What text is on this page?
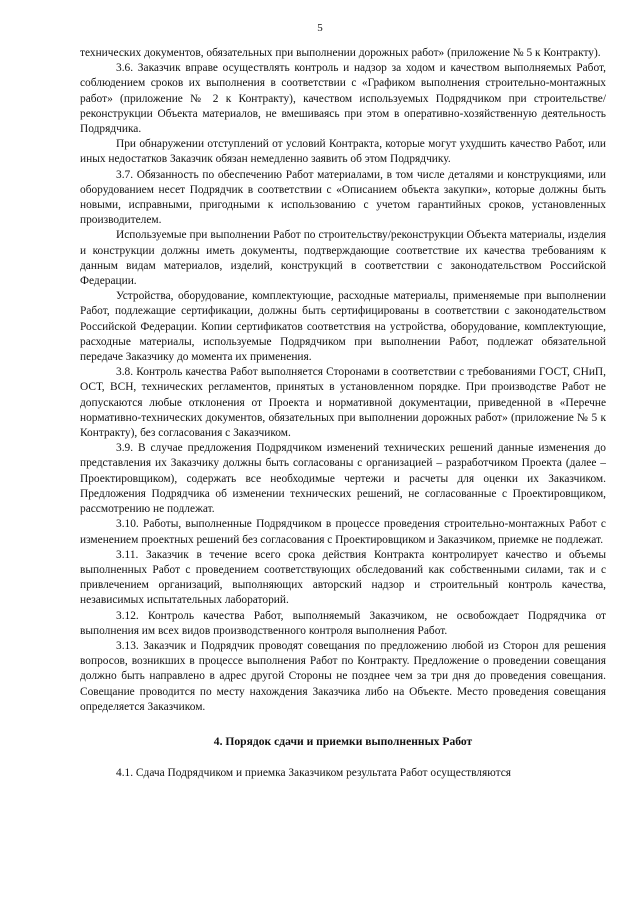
5

технических документов, обязательных при выполнении дорожных работ» (приложение № 5 к Контракту).

3.6. Заказчик вправе осуществлять контроль и надзор за ходом и качеством выполняемых Работ, соблюдением сроков их выполнения в соответствии с «Графиком выполнения строительно-монтажных работ» (приложение № 2 к Контракту), качеством используемых Подрядчиком при строительстве/реконструкции Объекта материалов, не вмешиваясь при этом в оперативно-хозяйственную деятельность Подрядчика.

При обнаружении отступлений от условий Контракта, которые могут ухудшить качество Работ, или иных недостатков Заказчик обязан немедленно заявить об этом Подрядчику.

3.7. Обязанность по обеспечению Работ материалами, в том числе деталями и конструкциями, или оборудованием несет Подрядчик в соответствии с «Описанием объекта закупки», которые должны быть новыми, исправными, пригодными к использованию с учетом гарантийных сроков, установленных производителем.

Используемые при выполнении Работ по строительству/реконструкции Объекта материалы, изделия и конструкции должны иметь документы, подтверждающие соответствие их качества требованиям к данным видам материалов, изделий, конструкций в соответствии с законодательством Российской Федерации.

Устройства, оборудование, комплектующие, расходные материалы, применяемые при выполнении Работ, подлежащие сертификации, должны быть сертифицированы в соответствии с законодательством Российской Федерации. Копии сертификатов соответствия на устройства, оборудование, комплектующие, расходные материалы, используемые Подрядчиком при выполнении Работ, подлежат обязательной передаче Заказчику до момента их применения.

3.8. Контроль качества Работ выполняется Сторонами в соответствии с требованиями ГОСТ, СНиП, ОСТ, ВСН, технических регламентов, принятых в установленном порядке. При производстве Работ не допускаются любые отклонения от Проекта и нормативной документации, приведенной в «Перечне нормативно-технических документов, обязательных при выполнении дорожных работ» (приложение № 5 к Контракту), без согласования с Заказчиком.

3.9. В случае предложения Подрядчиком изменений технических решений данные изменения до представления их Заказчику должны быть согласованы с организацией – разработчиком Проекта (далее – Проектировщиком), содержать все необходимые чертежи и расчеты для оценки их Заказчиком. Предложения Подрядчика об изменении технических решений, не согласованные с Проектировщиком, рассмотрению не подлежат.

3.10. Работы, выполненные Подрядчиком в процессе проведения строительно-монтажных Работ с изменением проектных решений без согласования с Проектировщиком и Заказчиком, приемке не подлежат.

3.11. Заказчик в течение всего срока действия Контракта контролирует качество и объемы выполненных Работ с проведением соответствующих обследований как собственными силами, так и с привлечением организаций, выполняющих авторский надзор и строительный контроль качества, независимых испытательных лабораторий.

3.12. Контроль качества Работ, выполняемый Заказчиком, не освобождает Подрядчика от выполнения им всех видов производственного контроля выполнения Работ.

3.13. Заказчик и Подрядчик проводят совещания по предложению любой из Сторон для решения вопросов, возникших в процессе выполнения Работ по Контракту. Предложение о проведении совещания должно быть направлено в адрес другой Стороны не позднее чем за три дня до проведения совещания. Совещание проводится по месту нахождения Заказчика либо на Объекте. Место проведения совещания определяется Заказчиком.

4. Порядок сдачи и приемки выполненных Работ

4.1. Сдача Подрядчиком и приемка Заказчиком результата Работ осуществляются
